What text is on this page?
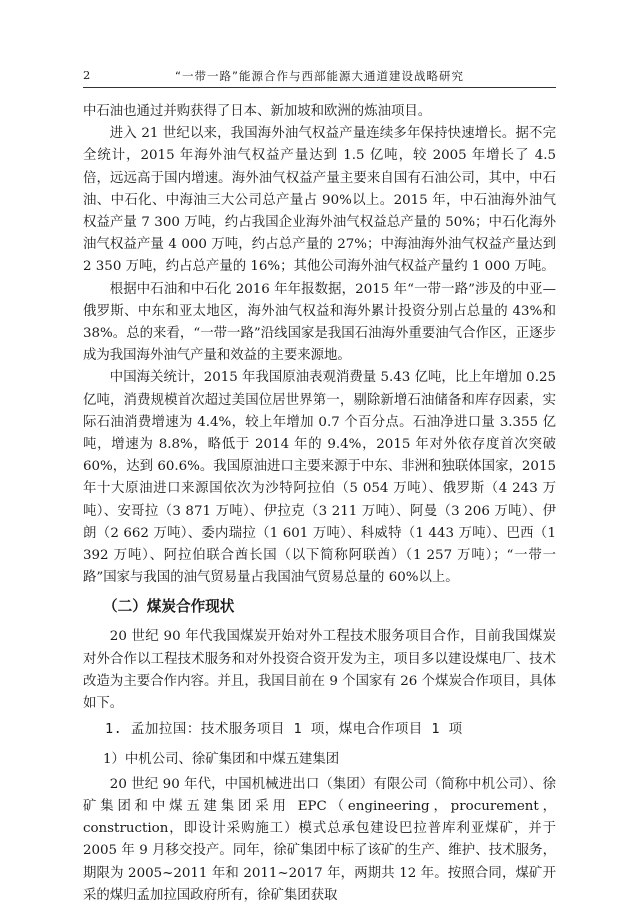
2	“一带一路”能源合作与西部能源大通道建设战略研究

中石油也通过并购获得了日本、新加坡和欧洲的炼油项目。

进入 21 世纪以来，我国海外油气权益产量连续多年保持快速增长。据不完全统计，2015 年海外油气权益产量达到 1.5 亿吨，较 2005 年增长了 4.5 倍，远远高于国内增速。海外油气权益产量主要来自国有石油公司，其中，中石油、中石化、中海油三大公司总产量占 90%以上。2015 年，中石油海外油气权益产量 7 300 万吨，约占我国企业海外油气权益总产量的 50%；中石化海外油气权益产量 4 000 万吨，约占总产量的 27%；中海油海外油气权益产量达到 2 350 万吨，约占总产量的 16%；其他公司海外油气权益产量约 1 000 万吨。

根据中石油和中石化 2016 年年报数据，2015 年“一带一路”涉及的中亚—俄罗斯、中东和亚太地区，海外油气权益和海外累计投资分别占总量的 43%和 38%。总的来看，“一带一路”沿线国家是我国石油海外重要油气合作区，正逐步成为我国海外油气产量和效益的主要来源地。

中国海关统计，2015 年我国原油表观消费量 5.43 亿吨，比上年增加 0.25 亿吨，消费规模首次超过美国位居世界第一，剔除新增石油储备和库存因素，实际石油消费增速为 4.4%，较上年增加 0.7 个百分点。石油净进口量 3.355 亿吨，增速为 8.8%，略低于 2014 年的 9.4%，2015 年对外依存度首次突破 60%，达到 60.6%。我国原油进口主要来源于中东、非洲和独联体国家，2015 年十大原油进口来源国依次为沙特阿拉伯（5 054 万吨）、俄罗斯（4 243 万吨）、安哥拉（3 871 万吨）、伊拉克（3 211 万吨）、阿曼（3 206 万吨）、伊朗（2 662 万吨）、委内瑞拉（1 601 万吨）、科威特（1 443 万吨）、巴西（1 392 万吨）、阿拉伯联合酋长国（以下简称阿联酋）（1 257 万吨）；“一带一路”国家与我国的油气贸易量占我国油气贸易总量的 60%以上。

（二）煤炭合作现状

20 世纪 90 年代我国煤炭开始对外工程技术服务项目合作，目前我国煤炭对外合作以工程技术服务和对外投资合资开发为主，项目多以建设煤电厂、技术改造为主要合作内容。并且，我国目前在 9 个国家有 26 个煤炭合作项目，具体如下。

1. 孟加拉国：技术服务项目 1 项，煤电合作项目 1 项

1）中机公司、徐矿集团和中煤五建集团

20 世纪 90 年代，中国机械进出口（集团）有限公司（简称中机公司）、徐矿集团和中煤五建集团采用 EPC（engineering，procurement，construction，即设计采购施工）模式总承包建设巴拉普库利亚煤矿，并于 2005 年 9 月移交投产。同年，徐矿集团中标了该矿的生产、维护、技术服务，期限为 2005~2011 年和 2011~2017 年，两期共 12 年。按照合同，煤矿开采的煤归孟加拉国政府所有，徐矿集团获取
